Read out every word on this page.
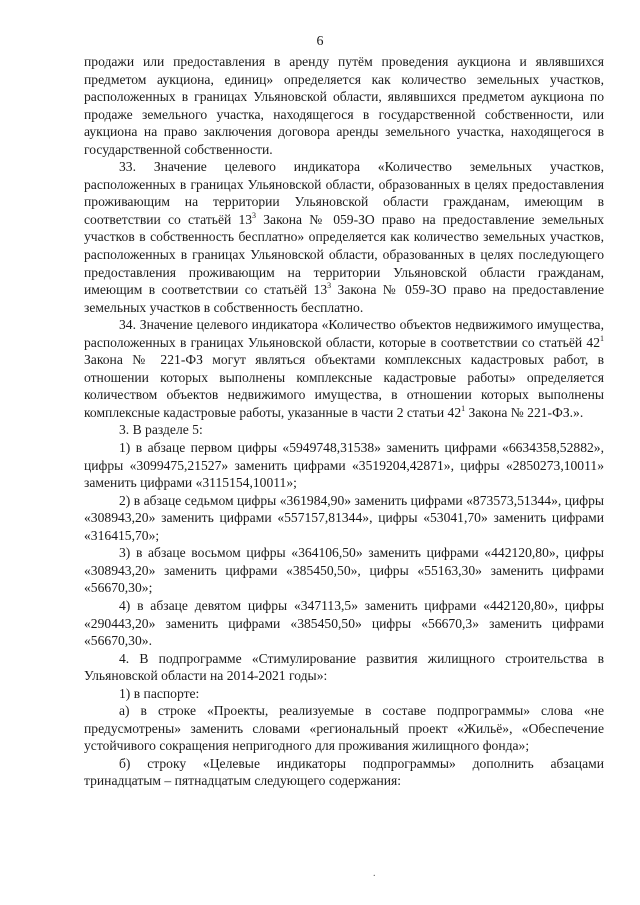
6

продажи или предоставления в аренду путём проведения аукциона и являвшихся предметом аукциона, единиц» определяется как количество земельных участков, расположенных в границах Ульяновской области, являвшихся предметом аукциона по продаже земельного участка, находящегося в государственной собственности, или аукциона на право заключения договора аренды земельного участка, находящегося в государственной собственности.

33. Значение целевого индикатора «Количество земельных участков, расположенных в границах Ульяновской области, образованных в целях предоставления проживающим на территории Ульяновской области гражданам, имеющим в соответствии со статьёй $13^3$ Закона № 059-ЗО право на предоставление земельных участков в собственность бесплатно» определяется как количество земельных участков, расположенных в границах Ульяновской области, образованных в целях последующего предоставления проживающим на территории Ульяновской области гражданам, имеющим в соответствии со статьёй $13^3$ Закона № 059-ЗО право на предоставление земельных участков в собственность бесплатно.

34. Значение целевого индикатора «Количество объектов недвижимого имущества, расположенных в границах Ульяновской области, которые в соответствии со статьёй $42^1$ Закона № 221-ФЗ могут являться объектами комплексных кадастровых работ, в отношении которых выполнены комплексные кадастровые работы» определяется количеством объектов недвижимого имущества, в отношении которых выполнены комплексные кадастровые работы, указанные в части 2 статьи $42^1$ Закона № 221-ФЗ.».

3. В разделе 5:

1) в абзаце первом цифры «5949748,31538» заменить цифрами «6634358,52882», цифры «3099475,21527» заменить цифрами «3519204,42871», цифры «2850273,10011» заменить цифрами «3115154,10011»;

2) в абзаце седьмом цифры «361984,90» заменить цифрами «873573,51344», цифры «308943,20» заменить цифрами «557157,81344», цифры «53041,70» заменить цифрами «316415,70»;

3) в абзаце восьмом цифры «364106,50» заменить цифрами «442120,80», цифры «308943,20» заменить цифрами «385450,50», цифры «55163,30» заменить цифрами «56670,30»;

4) в абзаце девятом цифры «347113,5» заменить цифрами «442120,80», цифры «290443,20» заменить цифрами «385450,50» цифры «56670,3» заменить цифрами «56670,30».

4. В подпрограмме «Стимулирование развития жилищного строительства в Ульяновской области на 2014-2021 годы»:

1) в паспорте:

а) в строке «Проекты, реализуемые в составе подпрограммы» слова «не предусмотрены» заменить словами «региональный проект «Жильё», «Обеспечение устойчивого сокращения непригодного для проживания жилищного фонда»;

б) строку «Целевые индикаторы подпрограммы» дополнить абзацами тринадцатым – пятнадцатым следующего содержания:

.
